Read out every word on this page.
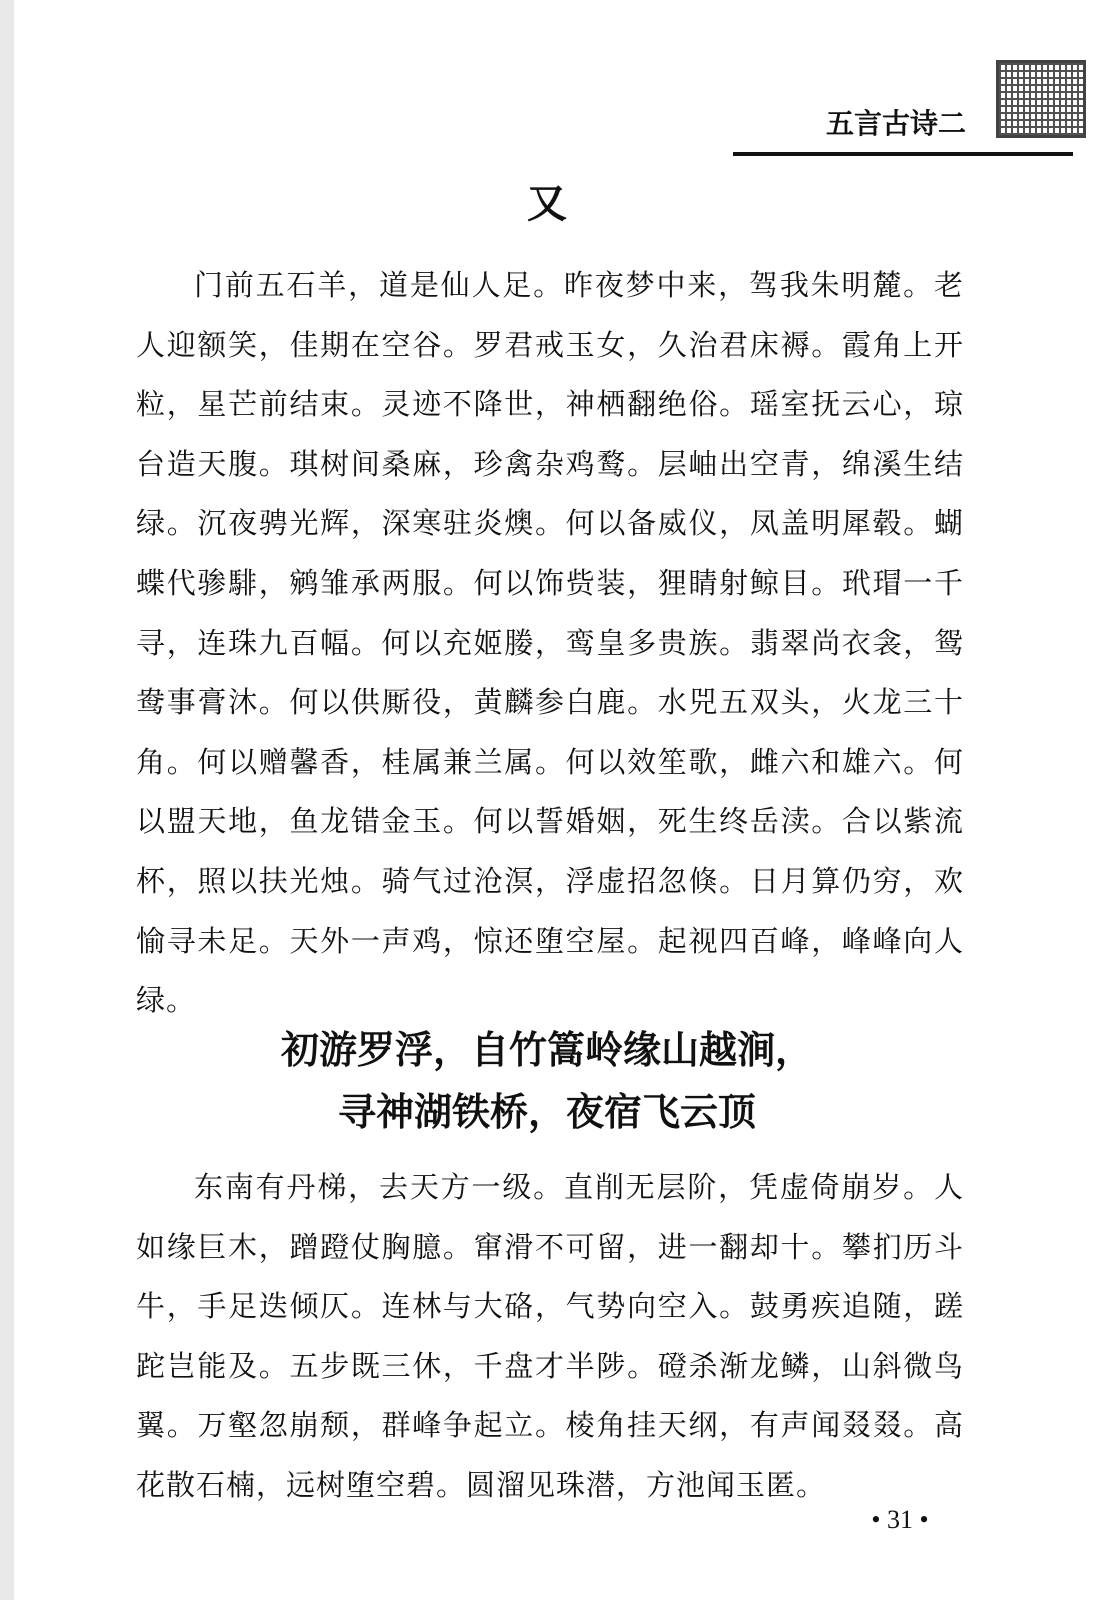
五言古诗二
又
门前五石羊，道是仙人足。昨夜梦中来，驾我朱明麓。老人迎额笑，佳期在空谷。罗君戒玉女，久治君床褥。霞角上开粒，星芒前结束。灵迹不降世，神栖翻绝俗。瑶室抚云心，琼台造天腹。琪树间桑麻，珍禽杂鸡鹜。层岫出空青，绵溪生结绿。沉夜骋光辉，深寒驻炎燠。何以备威仪，凤盖明犀毂。蝴蝶代骖騑，鹓雏承两服。何以饰赀装，狸睛射鲸目。玳瑁一千寻，连珠九百幅。何以充姬媵，鸾皇多贵族。翡翠尚衣衾，鸳鸯事膏沐。何以供厮役，黄麟参白鹿。水兕五双头，火龙三十角。何以赠馨香，桂属兼兰属。何以效笙歌，雌六和雄六。何以盟天地，鱼龙错金玉。何以誓婚姻，死生终岳渎。合以紫流杯，照以扶光烛。骑气过沧溟，浮虚招忽倏。日月算仍穷，欢愉寻未足。天外一声鸡，惊还堕空屋。起视四百峰，峰峰向人绿。
初游罗浮，自竹篙岭缘山越涧，
寻神湖铁桥，夜宿飞云顶
东南有丹梯，去天方一级。直削无层阶，凭虚倚崩岁。人如缘巨木，蹭蹬仗胸臆。窜滑不可留，进一翻却十。攀扪历斗牛，手足迭倾仄。连林与大硌，气势向空入。鼓勇疾追随，蹉跎岂能及。五步既三休，千盘才半陟。磴杀渐龙鳞，山斜微鸟翼。万壑忽崩颓，群峰争起立。棱角挂天纲，有声闻叕叕。高花散石楠，远树堕空碧。圆溜见珠潜，方池闻玉匿。
• 31 •
